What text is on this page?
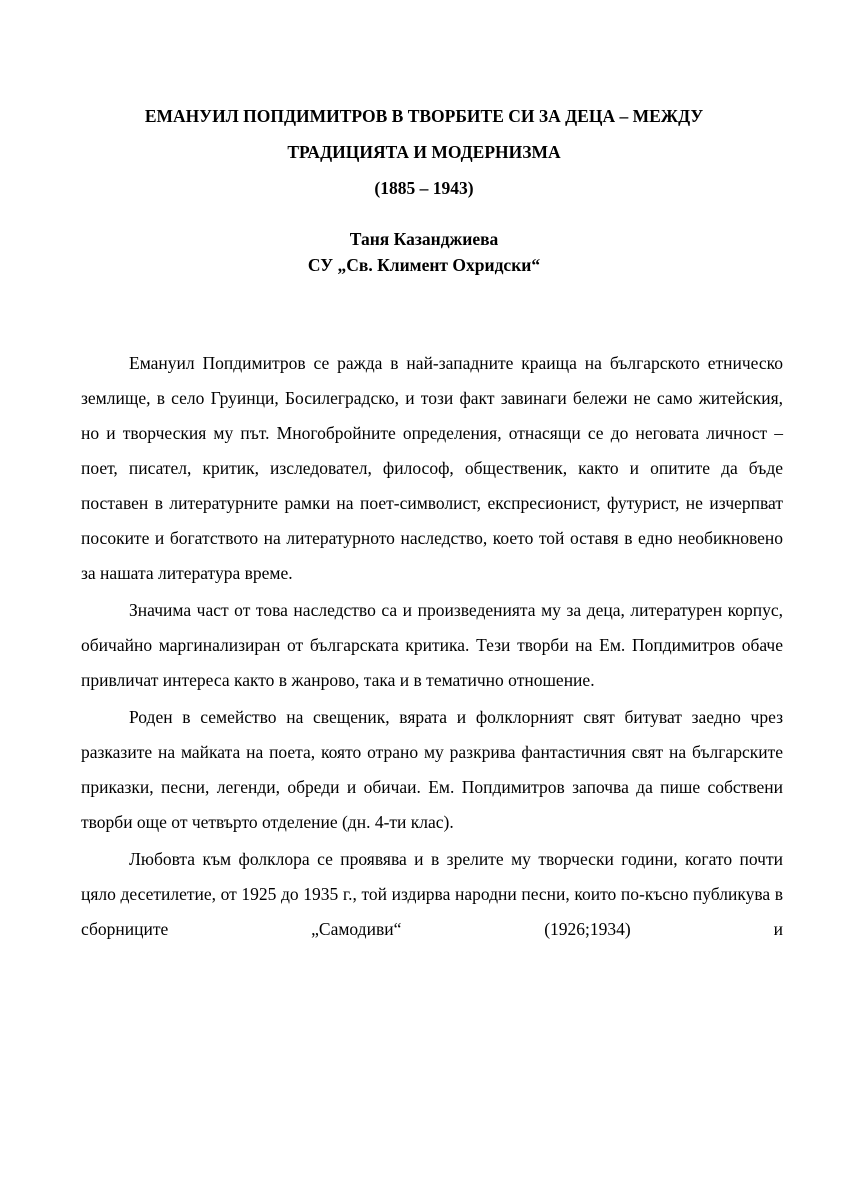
ЕМАНУИЛ ПОПДИМИТРОВ В ТВОРБИТЕ СИ ЗА ДЕЦА – МЕЖДУ
ТРАДИЦИЯТА И МОДЕРНИЗМА
(1885 – 1943)
Таня Казанджиева
СУ „Св. Климент Охридски“

Емануил Попдимитров се ражда в най-западните краища на българското етническо землище, в село Груинци, Босилеградско, и този факт завинаги бележи не само житейския, но и творческия му път. Многобройните определения, отнасящи се до неговата личност – поет, писател, критик, изследовател, философ, общественик, както и опитите да бъде поставен в литературните рамки на поет-символист, експресионист, футурист, не изчерпват посоките и богатството на литературното наследство, което той оставя в едно необикновено за нашата литература време.

Значима част от това наследство са и произведенията му за деца, литературен корпус, обичайно маргинализиран от българската критика. Тези творби на Ем. Попдимитров обаче привличат интереса както в жанрово, така и в тематично отношение.

Роден в семейство на свещеник, вярата и фолклорният свят битуват заедно чрез разказите на майката на поета, която отрано му разкрива фантастичния свят на българските приказки, песни, легенди, обреди и обичаи. Ем. Попдимитров започва да пише собствени творби още от четвърто отделение (дн. 4-ти клас).

Любовта към фолклора се проявява и в зрелите му творчески години, когато почти цяло десетилетие, от 1925 до 1935 г., той издирва народни песни, които по-късно публикува в сборниците „Самодиви“ (1926;1934) и
